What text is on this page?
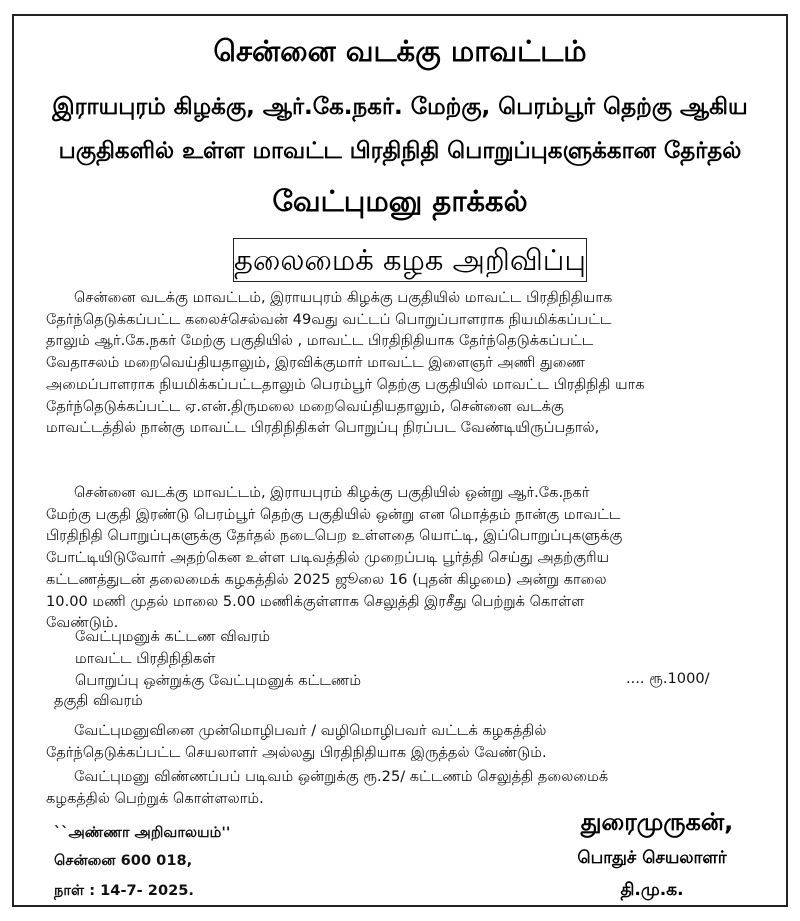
சென்னை வடக்கு மாவட்டம்
இராயபுரம் கிழக்கு, ஆர்.கே.நகர். மேற்கு, பெரம்பூர் தெற்கு ஆகிய
பகுதிகளில் உள்ள மாவட்ட பிரதிநிதி பொறுப்புகளுக்கான தேர்தல்
வேட்புமனு தாக்கல்
தலைமைக் கழக அறிவிப்பு
சென்னை வடக்கு மாவட்டம், இராயபுரம் கிழக்கு பகுதியில் மாவட்ட பிரதிநிதியாக
தேர்ந்தெடுக்கப்பட்ட கலைச்செல்வன் 49வது வட்டப் பொறுப்பாளராக நியமிக்கப்பட்ட
தாலும் ஆர்.கே.நகர் மேற்கு பகுதியில் , மாவட்ட பிரதிநிதியாக தேர்ந்தெடுக்கப்பட்ட
வேதாசலம் மறைவெய்தியதாலும், இரவிக்குமார் மாவட்ட இளைஞர் அணி துணை
அமைப்பாளராக நியமிக்கப்பட்டதாலும் பெரம்பூர் தெற்கு பகுதியில் மாவட்ட பிரதிநிதி யாக
தேர்ந்தெடுக்கப்பட்ட ஏ.என்.திருமலை மறைவெய்தியதாலும், சென்னை வடக்கு
மாவட்டத்தில் நான்கு மாவட்ட பிரதிநிதிகள் பொறுப்பு நிரப்பட வேண்டியிருப்பதால்,
சென்னை வடக்கு மாவட்டம், இராயபுரம் கிழக்கு பகுதியில் ஒன்று ஆர்.கே.நகர்
மேற்கு பகுதி இரண்டு பெரம்பூர் தெற்கு பகுதியில் ஒன்று என மொத்தம் நான்கு மாவட்ட
பிரதிநிதி பொறுப்புகளுக்கு தேர்தல் நடைபெற உள்ளதை யொட்டி, இப்பொறுப்புகளுக்கு
போட்டியிடுவோர் அதற்கென உள்ள படிவத்தில் முறைப்படி பூர்த்தி செய்து அதற்குரிய
கட்டணத்துடன் தலைமைக் கழகத்தில் 2025 ஜூலை 16 (புதன் கிழமை) அன்று காலை
10.00 மணி முதல் மாலை 5.00 மணிக்குள்ளாக செலுத்தி இரசீது பெற்றுக் கொள்ள
வேண்டும்.
வேட்புமனுக் கட்டண விவரம்
மாவட்ட பிரதிநிதிகள்
பொறுப்பு ஒன்றுக்கு வேட்புமனுக் கட்டணம்	.... ரூ.1000/
தகுதி விவரம்
வேட்புமனுவினை முன்மொழிபவர் / வழிமொழிபவர் வட்டக் கழகத்தில்
தேர்ந்தெடுக்கப்பட்ட செயலாளர் அல்லது பிரதிநிதியாக இருத்தல் வேண்டும்.
வேட்புமனு விண்ணப்பப் படிவம் ஒன்றுக்கு ரூ.25/ கட்டணம் செலுத்தி தலைமைக்
கழகத்தில் பெற்றுக் கொள்ளலாம்.
``அண்ணா அறிவாலயம்''
சென்னை 600 018,
நாள் : 14-7- 2025.
துரைமுருகன்,
பொதுச் செயலாளர்
தி.மு.க.
